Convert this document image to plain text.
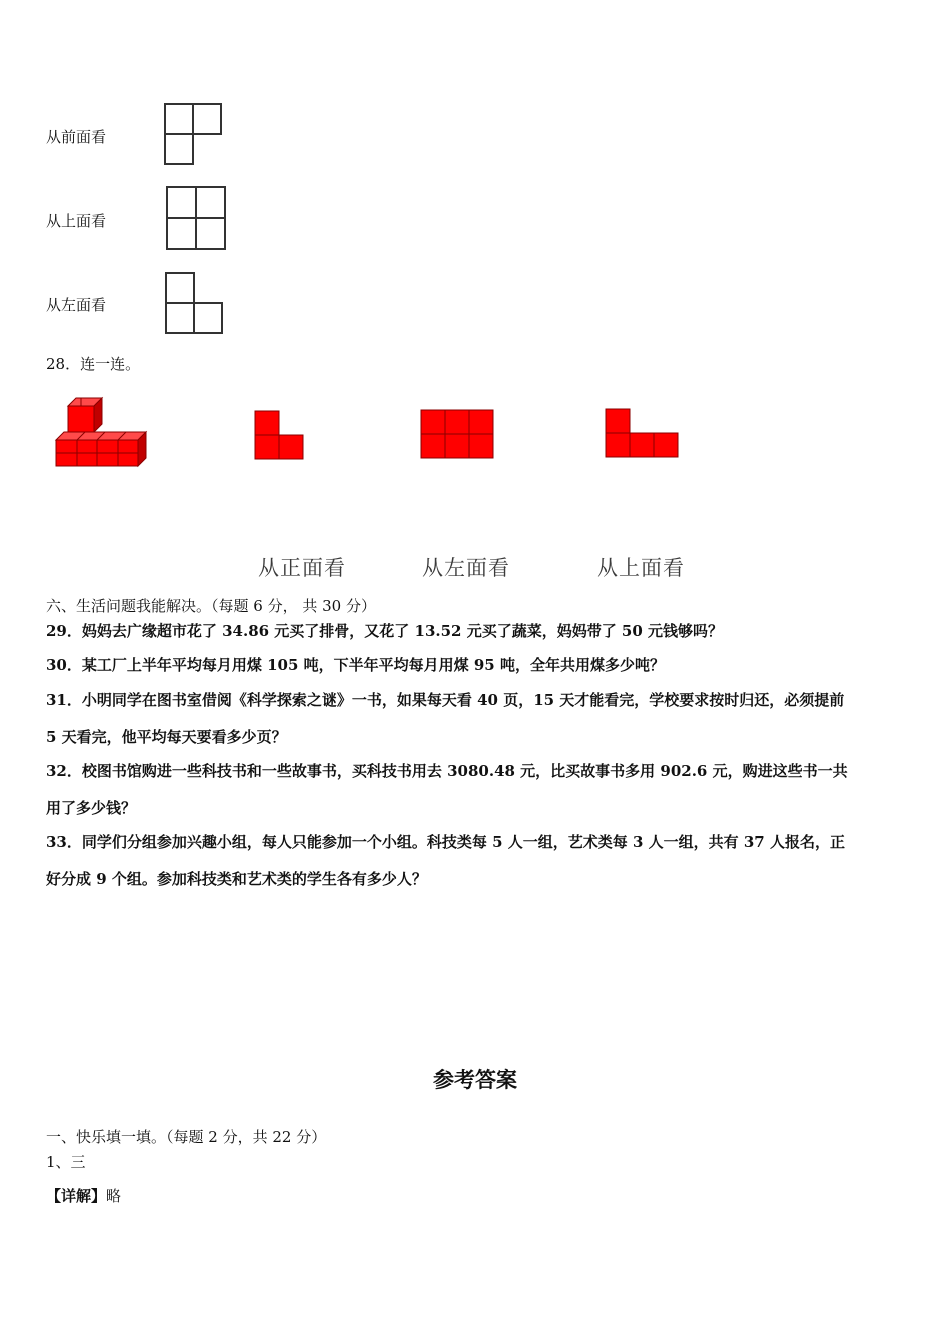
从前面看
从上面看
从左面看
28．连一连。
从正面看	从左面看	从上面看
六、生活问题我能解决。（每题 6 分， 共 30 分）
29．妈妈去广缘超市花了 34.86 元买了排骨，又花了 13.52 元买了蔬菜，妈妈带了 50 元钱够吗？
30．某工厂上半年平均每月用煤 105 吨，下半年平均每月用煤 95 吨，全年共用煤多少吨？
31．小明同学在图书室借阅《科学探索之谜》一书，如果每天看 40 页，15 天才能看完，学校要求按时归还，必须提前
5 天看完，他平均每天要看多少页？
32．校图书馆购进一些科技书和一些故事书，买科技书用去 3080.48 元，比买故事书多用 902.6 元，购进这些书一共
用了多少钱？
33．同学们分组参加兴趣小组，每人只能参加一个小组。科技类每 5 人一组，艺术类每 3 人一组，共有 37 人报名，正
好分成 9 个组。参加科技类和艺术类的学生各有多少人？
参考答案
一、快乐填一填。（每题 2 分，共 22 分）
1、三
【详解】略
